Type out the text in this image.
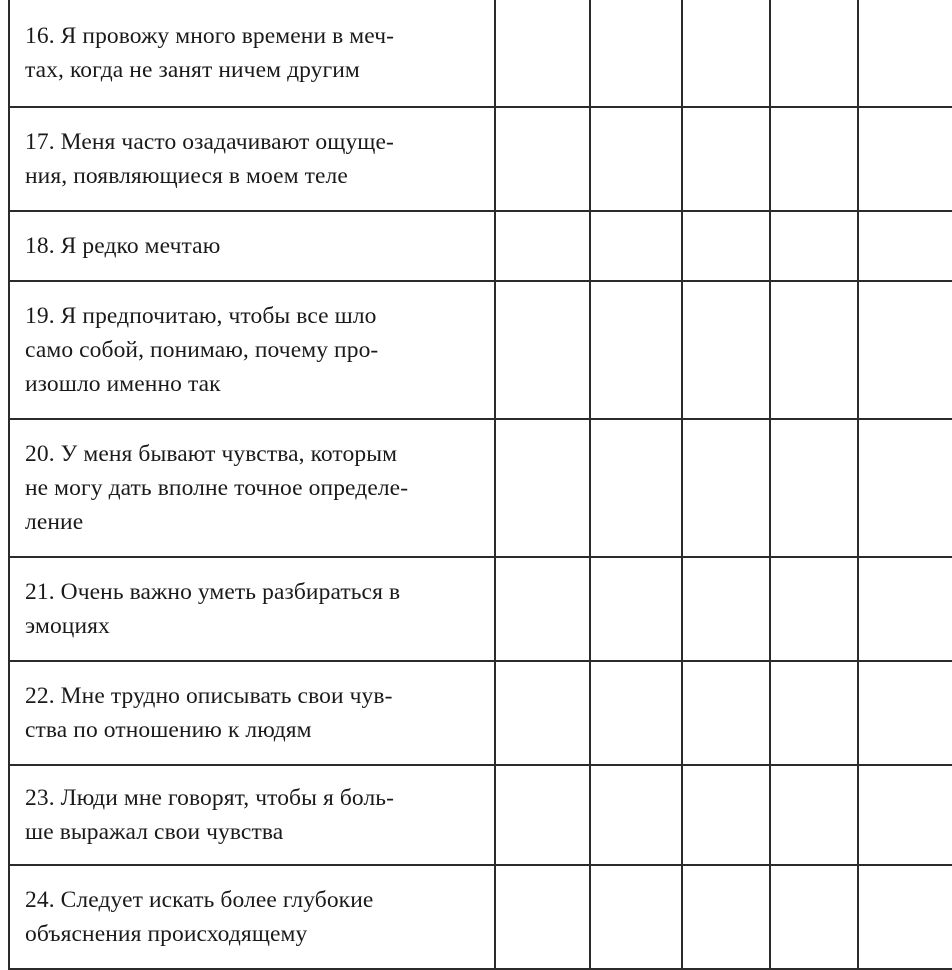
16. Я провожу много времени в меч-
тах, когда не занят ничем другим					

17. Меня часто озадачивают ощуще-
ния, появляющиеся в моем теле					

18. Я редко мечтаю					

19. Я предпочитаю, чтобы все шло
само собой, понимаю, почему про-
изошло именно так					

20. У меня бывают чувства, которым
не могу дать вполне точное определе-
ление					

21. Очень важно уметь разбираться в
эмоциях					

22. Мне трудно описывать свои чув-
ства по отношению к людям					

23. Люди мне говорят, чтобы я боль-
ше выражал свои чувства					

24. Следует искать более глубокие
объяснения происходящему					
